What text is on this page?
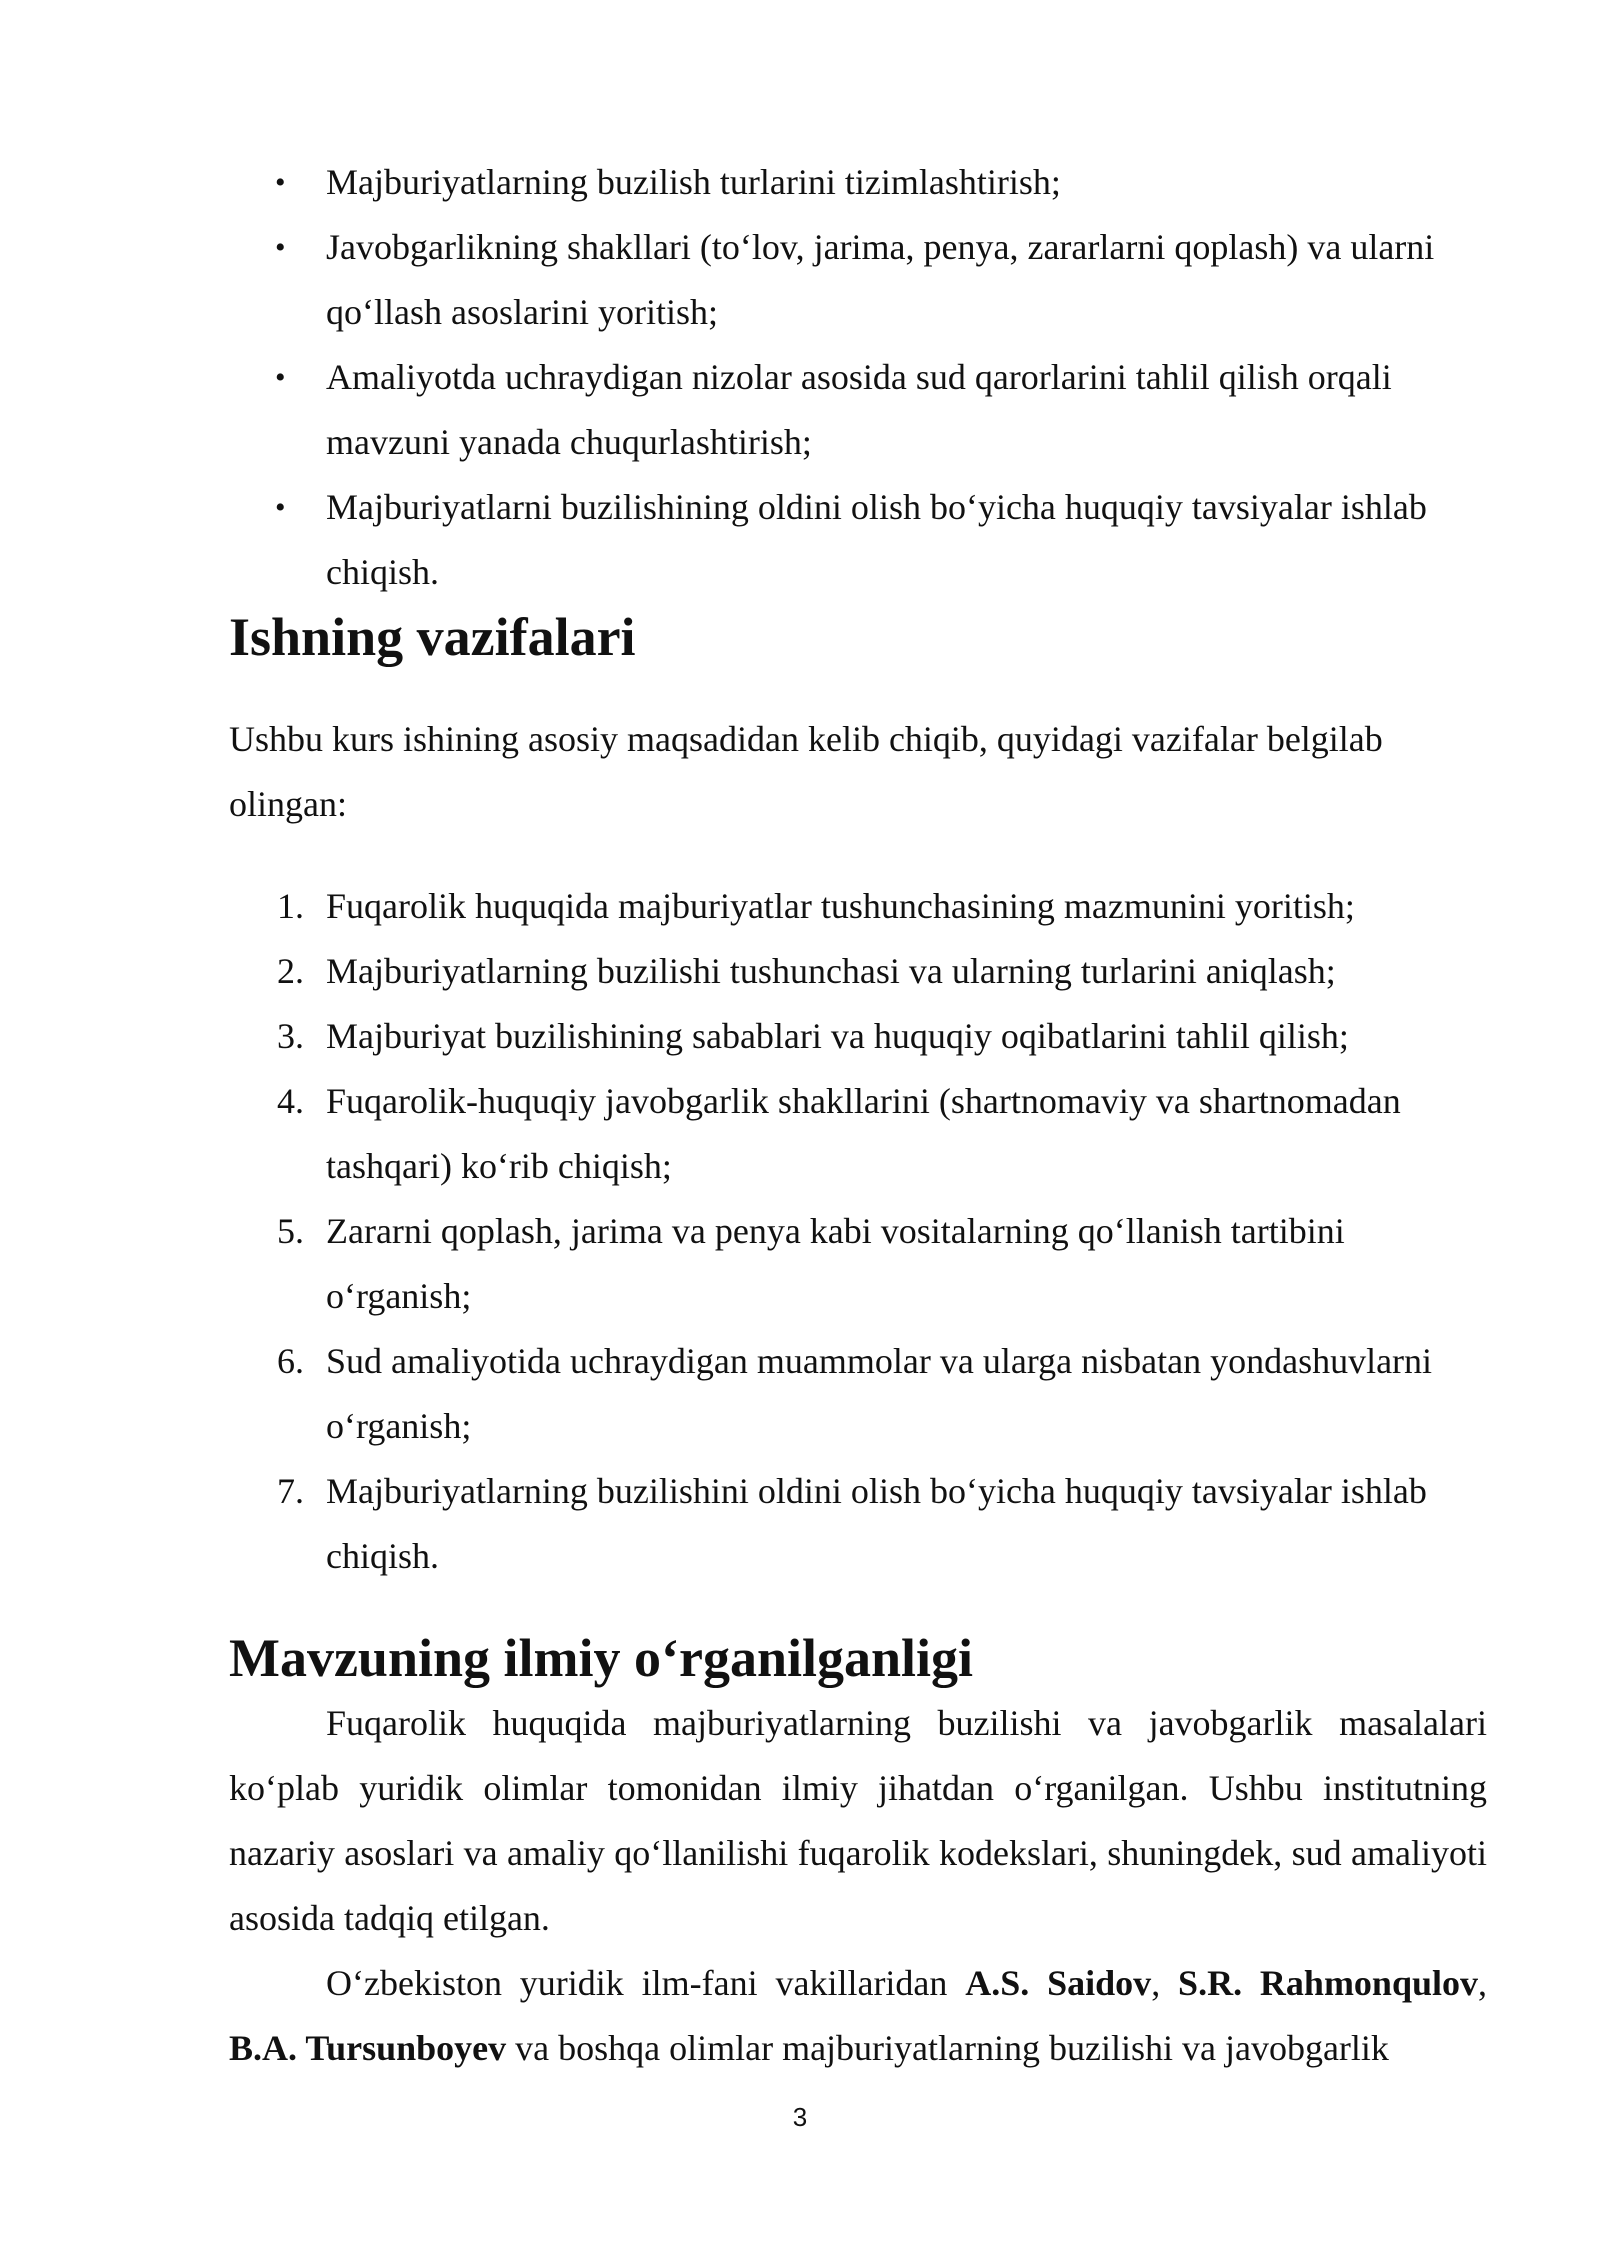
• Majburiyatlarning buzilish turlarini tizimlashtirish;
• Javobgarlikning shakllari (to‘lov, jarima, penya, zararlarni qoplash) va ularni qo‘llash asoslarini yoritish;
• Amaliyotda uchraydigan nizolar asosida sud qarorlarini tahlil qilish orqali mavzuni yanada chuqurlashtirish;
• Majburiyatlarni buzilishining oldini olish bo‘yicha huquqiy tavsiyalar ishlab chiqish.
Ishning vazifalari

Ushbu kurs ishining asosiy maqsadidan kelib chiqib, quyidagi vazifalar belgilab olingan:

1. Fuqarolik huquqida majburiyatlar tushunchasining mazmunini yoritish;
2. Majburiyatlarning buzilishi tushunchasi va ularning turlarini aniqlash;
3. Majburiyat buzilishining sabablari va huquqiy oqibatlarini tahlil qilish;
4. Fuqarolik-huquqiy javobgarlik shakllarini (shartnomaviy va shartnomadan tashqari) ko‘rib chiqish;
5. Zararni qoplash, jarima va penya kabi vositalarning qo‘llanish tartibini o‘rganish;
6. Sud amaliyotida uchraydigan muammolar va ularga nisbatan yondashuvlarni o‘rganish;
7. Majburiyatlarning buzilishini oldini olish bo‘yicha huquqiy tavsiyalar ishlab chiqish.
Mavzuning ilmiy o‘rganilganligi

Fuqarolik huquqida majburiyatlarning buzilishi va javobgarlik masalalari ko‘plab yuridik olimlar tomonidan ilmiy jihatdan o‘rganilgan. Ushbu institutning nazariy asoslari va amaliy qo‘llanilishi fuqarolik kodekslari, shuningdek, sud amaliyoti asosida tadqiq etilgan.

O‘zbekiston yuridik ilm-fani vakillaridan A.S. Saidov, S.R. Rahmonqulov, B.A. Tursunboyev va boshqa olimlar majburiyatlarning buzilishi va javobgarlik

3
